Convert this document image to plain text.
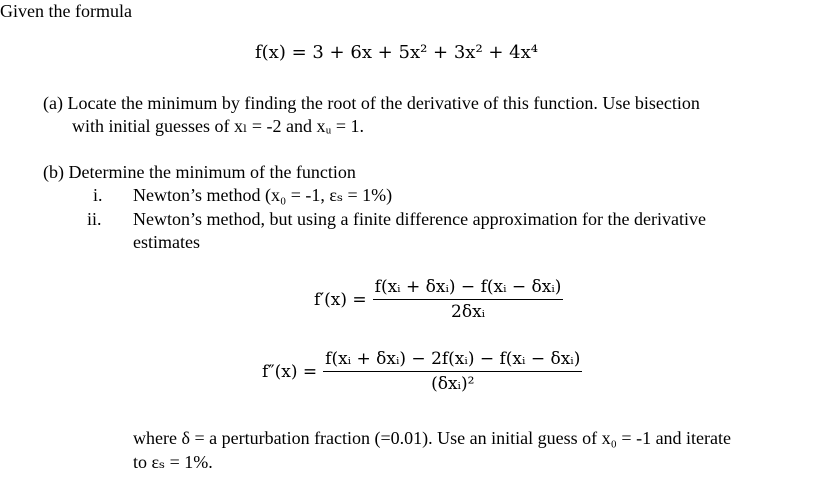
Given the formula
f(x) = 3 + 6x + 5x² + 3x² + 4x⁴
(a) Locate the minimum by finding the root of the derivative of this function. Use bisection
with initial guesses of xₗ = -2 and xᵤ = 1.
(b) Determine the minimum of the function
i. Newton’s method (x₀ = -1, εₛ = 1%)
ii. Newton’s method, but using a finite difference approximation for the derivative
estimates
$f'(x) = \frac{\text{f(xᵢ + δxᵢ) − f(xᵢ − δxᵢ)}}{\text{2δxᵢ}}$
$f''(x) = \frac{\text{f(xᵢ + δxᵢ) − 2f(xᵢ) − f(xᵢ − δxᵢ)}}{\text{(δxᵢ)²}}$
where δ = a perturbation fraction (=0.01). Use an initial guess of x₀ = -1 and iterate
to εₛ = 1%.
